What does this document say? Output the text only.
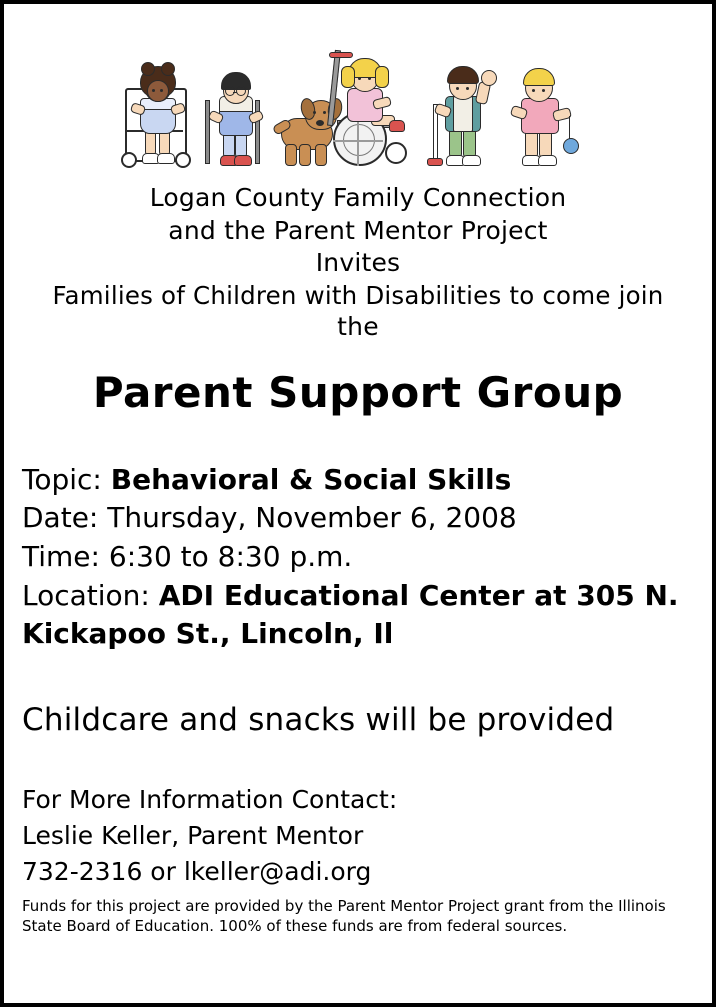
Logan County Family Connection
and the Parent Mentor Project
Invites
Families of Children with Disabilities to come join
the
Parent Support Group
Topic: Behavioral & Social Skills
Date: Thursday, November 6, 2008
Time: 6:30 to 8:30 p.m.
Location: ADI Educational Center at 305 N. Kickapoo St., Lincoln, Il
Childcare and snacks will be provided
For More Information Contact:
Leslie Keller, Parent Mentor
732-2316 or lkeller@adi.org
Funds for this project are provided by the Parent Mentor Project grant from the Illinois State Board of Education. 100% of these funds are from federal sources.
